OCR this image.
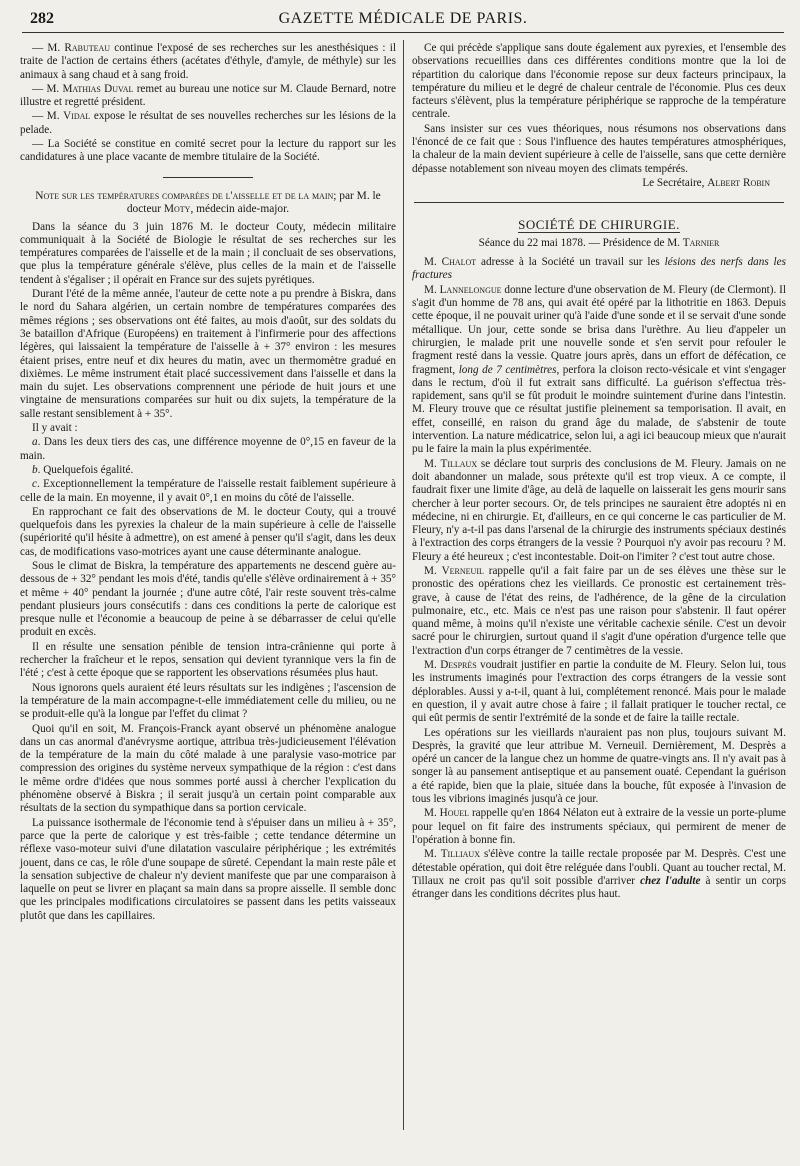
282	GAZETTE MÉDICALE DE PARIS.

— M. Rabuteau continue l'exposé de ses recherches sur les anesthésiques : il traite de l'action de certains éthers (acétates d'éthyle, d'amyle, de méthyle) sur les animaux à sang chaud et à sang froid.

— M. Mathias Duval remet au bureau une notice sur M. Claude Bernard, notre illustre et regretté président.

— M. Vidal expose le résultat de ses nouvelles recherches sur les lésions de la pelade.

— La Société se constitue en comité secret pour la lecture du rapport sur les candidatures à une place vacante de membre titulaire de la Société.

Note sur les températures comparées de l'aisselle et de la main; par M. le docteur Moty, médecin aide-major.

Dans la séance du 3 juin 1876 M. le docteur Couty, médecin militaire communiquait à la Société de Biologie le résultat de ses recherches sur les températures comparées de l'aisselle et de la main ; il concluait de ses observations, que plus la température générale s'élève, plus celles de la main et de l'aisselle tendent à s'égaliser ; il opérait en France sur des sujets pyrétiques.

Durant l'été de la même année, l'auteur de cette note a pu prendre à Biskra, dans le nord du Sahara algérien, un certain nombre de températures comparées des mêmes régions ; ses observations ont été faites, au mois d'août, sur des soldats du 3e bataillon d'Afrique (Européens) en traitement à l'infirmerie pour des affections légères, qui laissaient la température de l'aisselle à + 37° environ : les mesures étaient prises, entre neuf et dix heures du matin, avec un thermomètre gradué en dixièmes. Le même instrument était placé successivement dans l'aisselle et dans la main du sujet. Les observations comprennent une période de huit jours et une vingtaine de mensurations comparées sur huit ou dix sujets, la température de la salle restant sensiblement à + 35°.

Il y avait :

a. Dans les deux tiers des cas, une différence moyenne de 0°,15 en faveur de la main.

b. Quelquefois égalité.

c. Exceptionnellement la température de l'aisselle restait faiblement supérieure à celle de la main. En moyenne, il y avait 0°,1 en moins du côté de l'aisselle.

En rapprochant ce fait des observations de M. le docteur Couty, qui a trouvé quelquefois dans les pyrexies la chaleur de la main supérieure à celle de l'aisselle (supériorité qu'il hésite à admettre), on est amené à penser qu'il s'agit, dans les deux cas, de modifications vaso-motrices ayant une cause déterminante analogue.

Sous le climat de Biskra, la température des appartements ne descend guère au-dessous de + 32° pendant les mois d'été, tandis qu'elle s'élève ordinairement à + 35° et même + 40° pendant la journée ; d'une autre côté, l'air reste souvent très-calme pendant plusieurs jours consécutifs : dans ces conditions la perte de calorique est presque nulle et l'économie a beaucoup de peine à se débarrasser de celui qu'elle produit en excès.

Il en résulte une sensation pénible de tension intra-crânienne qui porte à rechercher la fraîcheur et le repos, sensation qui devient tyrannique vers la fin de l'été ; c'est à cette époque que se rapportent les observations résumées plus haut.

Nous ignorons quels auraient été leurs résultats sur les indigènes ; l'ascension de la température de la main accompagne-t-elle immédiatement celle du milieu, ou ne se produit-elle qu'à la longue par l'effet du climat ?

Quoi qu'il en soit, M. François-Franck ayant observé un phénomène analogue dans un cas anormal d'anévrysme aortique, attribua très-judicieusement l'élévation de la température de la main du côté malade à une paralysie vaso-motrice par compression des origines du système nerveux sympathique de la région : c'est dans le même ordre d'idées que nous sommes porté aussi à chercher l'explication du phénomène observé à Biskra ; il serait jusqu'à un certain point comparable aux résultats de la section du sympathique dans sa portion cervicale.

La puissance isothermale de l'économie tend à s'épuiser dans un milieu à + 35°, parce que la perte de calorique y est très-faible ; cette tendance détermine un réflexe vaso-moteur suivi d'une dilatation vasculaire périphérique ; les extrémités jouent, dans ce cas, le rôle d'une soupape de sûreté. Cependant la main reste pâle et la sensation subjective de chaleur n'y devient manifeste que par une comparaison à laquelle on peut se livrer en plaçant sa main dans sa propre aisselle. Il semble donc que les principales modifications circulatoires se passent dans les petits vaisseaux plutôt que dans les capillaires.

Ce qui précède s'applique sans doute également aux pyrexies, et l'ensemble des observations recueillies dans ces différentes conditions montre que la loi de répartition du calorique dans l'économie repose sur deux facteurs principaux, la température du milieu et le degré de chaleur centrale de l'économie. Plus ces deux facteurs s'élèvent, plus la température périphérique se rapproche de la température centrale.

Sans insister sur ces vues théoriques, nous résumons nos observations dans l'énoncé de ce fait que : Sous l'influence des hautes températures atmosphériques, la chaleur de la main devient supérieure à celle de l'aisselle, sans que cette dernière dépasse notablement son niveau moyen des climats tempérés.

Le Secrétaire, Albert Robin

SOCIÉTÉ DE CHIRURGIE.

Séance du 22 mai 1878. — Présidence de M. Tarnier

M. Chalot adresse à la Société un travail sur les lésions des nerfs dans les fractures

M. Lannelongue donne lecture d'une observation de M. Fleury (de Clermont). Il s'agit d'un homme de 78 ans, qui avait été opéré par la lithotritie en 1863. Depuis cette époque, il ne pouvait uriner qu'à l'aide d'une sonde et il se servait d'une sonde métallique. Un jour, cette sonde se brisa dans l'urèthre. Au lieu d'appeler un chirurgien, le malade prit une nouvelle sonde et s'en servit pour refouler le fragment resté dans la vessie. Quatre jours après, dans un effort de défécation, ce fragment, long de 7 centimètres, perfora la cloison recto-vésicale et vint s'engager dans le rectum, d'où il fut extrait sans difficulté. La guérison s'effectua très-rapidement, sans qu'il se fût produit le moindre suintement d'urine dans l'intestin. M. Fleury trouve que ce résultat justifie pleinement sa temporisation. Il avait, en effet, conseillé, en raison du grand âge du malade, de s'abstenir de toute intervention. La nature médicatrice, selon lui, a agi ici beaucoup mieux que n'aurait pu le faire la main la plus expérimentée.

M. Tillaux se déclare tout surpris des conclusions de M. Fleury. Jamais on ne doit abandonner un malade, sous prétexte qu'il est trop vieux. A ce compte, il faudrait fixer une limite d'âge, au delà de laquelle on laisserait les gens mourir sans chercher à leur porter secours. Or, de tels principes ne sauraient être adoptés ni en médecine, ni en chirurgie. Et, d'ailleurs, en ce qui concerne le cas particulier de M. Fleury, n'y a-t-il pas dans l'arsenal de la chirurgie des instruments spéciaux destinés à l'extraction des corps étrangers de la vessie ? Pourquoi n'y avoir pas recouru ? M. Fleury a été heureux ; c'est incontestable. Doit-on l'imiter ? c'est tout autre chose.

M. Verneuil rappelle qu'il a fait faire par un de ses élèves une thèse sur le pronostic des opérations chez les vieillards. Ce pronostic est certainement très-grave, à cause de l'état des reins, de l'adhérence, de la gêne de la circulation pulmonaire, etc., etc. Mais ce n'est pas une raison pour s'abstenir. Il faut opérer quand même, à moins qu'il n'existe une véritable cachexie sénile. C'est un devoir sacré pour le chirurgien, surtout quand il s'agit d'une opération d'urgence telle que l'extraction d'un corps étranger de 7 centimètres de la vessie.

M. Desprès voudrait justifier en partie la conduite de M. Fleury. Selon lui, tous les instruments imaginés pour l'extraction des corps étrangers de la vessie sont déplorables. Aussi y a-t-il, quant à lui, complétement renoncé. Mais pour le malade en question, il y avait autre chose à faire ; il fallait pratiquer le toucher rectal, ce qui eût permis de sentir l'extrémité de la sonde et de faire la taille rectale.

Les opérations sur les vieillards n'auraient pas non plus, toujours suivant M. Desprès, la gravité que leur attribue M. Verneuil. Dernièrement, M. Desprès a opéré un cancer de la langue chez un homme de quatre-vingts ans. Il n'y avait pas à songer là au pansement antiseptique et au pansement ouaté. Cependant la guérison a été rapide, bien que la plaie, située dans la bouche, fût exposée à l'invasion de tous les vibrions imaginés jusqu'à ce jour.

M. Houel rappelle qu'en 1864 Nélaton eut à extraire de la vessie un porte-plume pour lequel on fit faire des instruments spéciaux, qui permirent de mener de l'opération à bonne fin.

M. Tilliaux s'élève contre la taille rectale proposée par M. Desprès. C'est une détestable opération, qui doit être reléguée dans l'oubli. Quant au toucher rectal, M. Tillaux ne croit pas qu'il soit possible d'arriver chez l'adulte à sentir un corps étranger dans les conditions décrites plus haut.
